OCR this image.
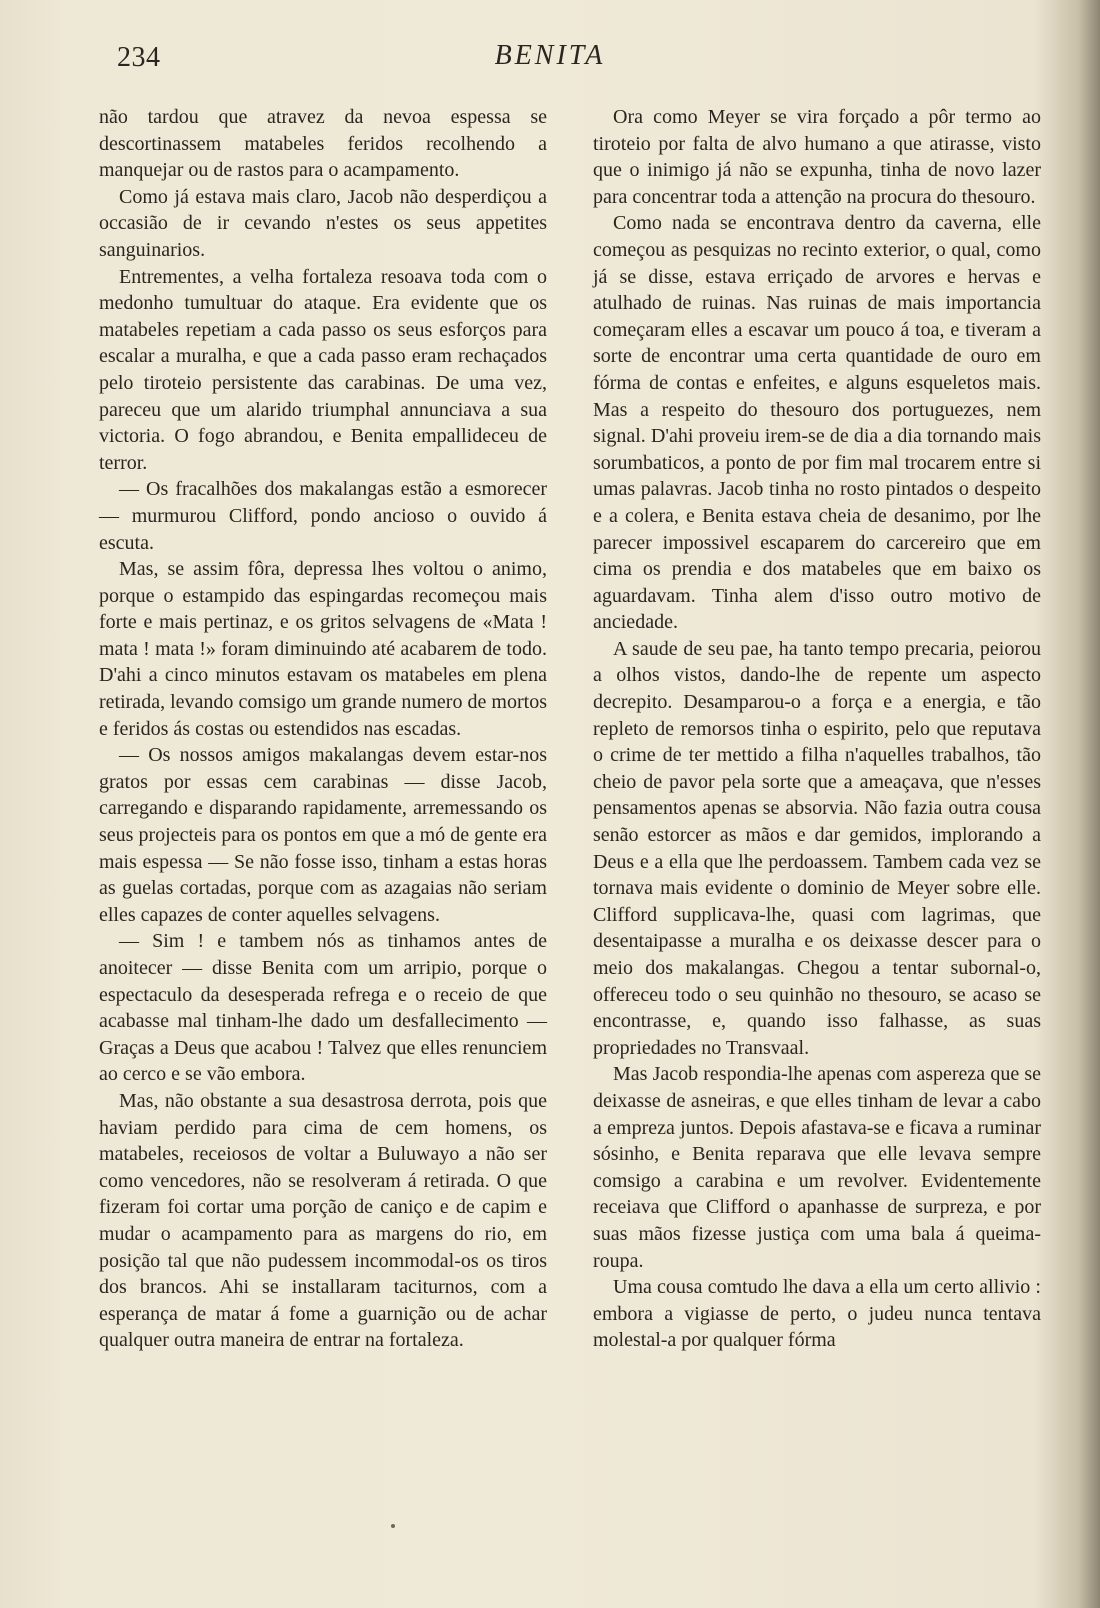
234	BENITA

não tardou que atravez da nevoa espessa se descortinassem matabeles feridos recolhendo a manquejar ou de rastos para o acampamento.

Como já estava mais claro, Jacob não desperdiçou a occasião de ir cevando n'estes os seus appetites sanguinarios.

Entrementes, a velha fortaleza resoava toda com o medonho tumultuar do ataque. Era evidente que os matabeles repetiam a cada passo os seus esforços para escalar a muralha, e que a cada passo eram rechaçados pelo tiroteio persistente das carabinas. De uma vez, pareceu que um alarido triumphal annunciava a sua victoria. O fogo abrandou, e Benita empallideceu de terror.

— Os fracalhões dos makalangas estão a esmorecer — murmurou Clifford, pondo ancioso o ouvido á escuta.

Mas, se assim fôra, depressa lhes voltou o animo, porque o estampido das espingardas recomeçou mais forte e mais pertinaz, e os gritos selvagens de «Mata ! mata ! mata !» foram diminuindo até acabarem de todo. D'ahi a cinco minutos estavam os matabeles em plena retirada, levando comsigo um grande numero de mortos e feridos ás costas ou estendidos nas escadas.

— Os nossos amigos makalangas devem estar-nos gratos por essas cem carabinas — disse Jacob, carregando e disparando rapidamente, arremessando os seus projecteis para os pontos em que a mó de gente era mais espessa — Se não fosse isso, tinham a estas horas as guelas cortadas, porque com as azagaias não seriam elles capazes de conter aquelles selvagens.

— Sim ! e tambem nós as tinhamos antes de anoitecer — disse Benita com um arripio, porque o espectaculo da desesperada refrega e o receio de que acabasse mal tinham-lhe dado um desfallecimento — Graças a Deus que acabou ! Talvez que elles renunciem ao cerco e se vão embora.

Mas, não obstante a sua desastrosa derrota, pois que haviam perdido para cima de cem homens, os matabeles, receiosos de voltar a Buluwayo a não ser como vencedores, não se resolveram á retirada. O que fizeram foi cortar uma porção de caniço e de capim e mudar o acampamento para as margens do rio, em posição tal que não pudessem incommodal-os os tiros dos brancos. Ahi se installaram taciturnos, com a esperança de matar á fome a guarnição ou de achar qualquer outra maneira de entrar na fortaleza.

Ora como Meyer se vira forçado a pôr termo ao tiroteio por falta de alvo humano a que atirasse, visto que o inimigo já não se expunha, tinha de novo lazer para concentrar toda a attenção na procura do thesouro.

Como nada se encontrava dentro da caverna, elle começou as pesquizas no recinto exterior, o qual, como já se disse, estava erriçado de arvores e hervas e atulhado de ruinas. Nas ruinas de mais importancia começaram elles a escavar um pouco á toa, e tiveram a sorte de encontrar uma certa quantidade de ouro em fórma de contas e enfeites, e alguns esqueletos mais. Mas a respeito do thesouro dos portuguezes, nem signal. D'ahi proveiu irem-se de dia a dia tornando mais sorumbaticos, a ponto de por fim mal trocarem entre si umas palavras. Jacob tinha no rosto pintados o despeito e a colera, e Benita estava cheia de desanimo, por lhe parecer impossivel escaparem do carcereiro que em cima os prendia e dos matabeles que em baixo os aguardavam. Tinha alem d'isso outro motivo de anciedade.

A saude de seu pae, ha tanto tempo precaria, peiorou a olhos vistos, dando-lhe de repente um aspecto decrepito. Desamparou-o a força e a energia, e tão repleto de remorsos tinha o espirito, pelo que reputava o crime de ter mettido a filha n'aquelles trabalhos, tão cheio de pavor pela sorte que a ameaçava, que n'esses pensamentos apenas se absorvia. Não fazia outra cousa senão estorcer as mãos e dar gemidos, implorando a Deus e a ella que lhe perdoassem. Tambem cada vez se tornava mais evidente o dominio de Meyer sobre elle. Clifford supplicava-lhe, quasi com lagrimas, que desentaipasse a muralha e os deixasse descer para o meio dos makalangas. Chegou a tentar subornal-o, offereceu todo o seu quinhão no thesouro, se acaso se encontrasse, e, quando isso falhasse, as suas propriedades no Transvaal.

Mas Jacob respondia-lhe apenas com aspereza que se deixasse de asneiras, e que elles tinham de levar a cabo a empreza juntos. Depois afastava-se e ficava a ruminar sósinho, e Benita reparava que elle levava sempre comsigo a carabina e um revolver. Evidentemente receiava que Clifford o apanhasse de surpreza, e por suas mãos fizesse justiça com uma bala á queima-roupa.

Uma cousa comtudo lhe dava a ella um certo allivio : embora a vigiasse de perto, o judeu nunca tentava molestal-a por qualquer fórma
